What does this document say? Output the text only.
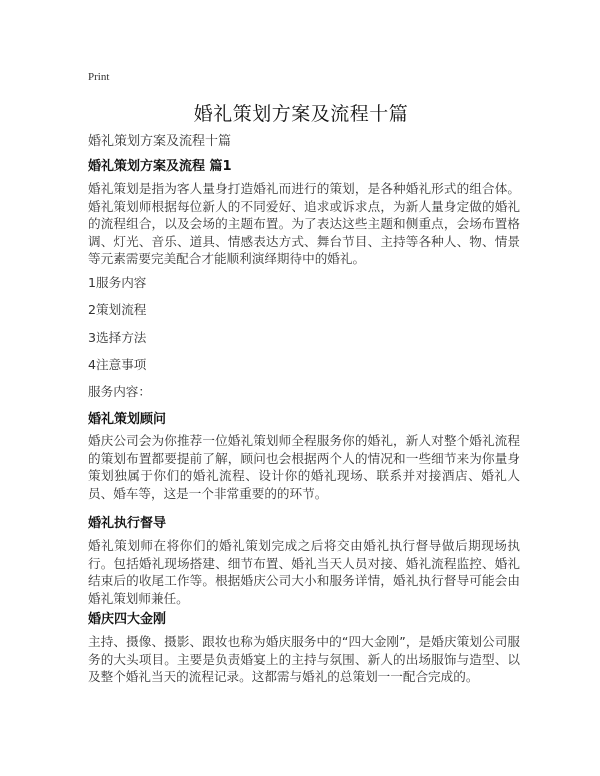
Print
婚礼策划方案及流程十篇
婚礼策划方案及流程十篇
婚礼策划方案及流程 篇1

婚礼策划是指为客人量身打造婚礼而进行的策划，是各种婚礼形式的组合体。婚礼策划师根据每位新人的不同爱好、追求或诉求点，为新人量身定做的婚礼的流程组合，以及会场的主题布置。为了表达这些主题和侧重点，会场布置格调、灯光、音乐、道具、情感表达方式、舞台节目、主持等各种人、物、情景等元素需要完美配合才能顺利演绎期待中的婚礼。

1服务内容
2策划流程
3选择方法
4注意事项
服务内容：
婚礼策划顾问

婚庆公司会为你推荐一位婚礼策划师全程服务你的婚礼，新人对整个婚礼流程的策划布置都要提前了解，顾问也会根据两个人的情况和一些细节来为你量身策划独属于你们的婚礼流程、设计你的婚礼现场、联系并对接酒店、婚礼人员、婚车等，这是一个非常重要的的环节。

婚礼执行督导

婚礼策划师在将你们的婚礼策划完成之后将交由婚礼执行督导做后期现场执行。包括婚礼现场搭建、细节布置、婚礼当天人员对接、婚礼流程监控、婚礼结束后的收尾工作等。根据婚庆公司大小和服务详情，婚礼执行督导可能会由婚礼策划师兼任。

婚庆四大金刚

主持、摄像、摄影、跟妆也称为婚庆服务中的“四大金刚”，是婚庆策划公司服务的大头项目。主要是负责婚宴上的主持与氛围、新人的出场服饰与造型、以及整个婚礼当天的流程记录。这都需与婚礼的总策划一一配合完成的。
